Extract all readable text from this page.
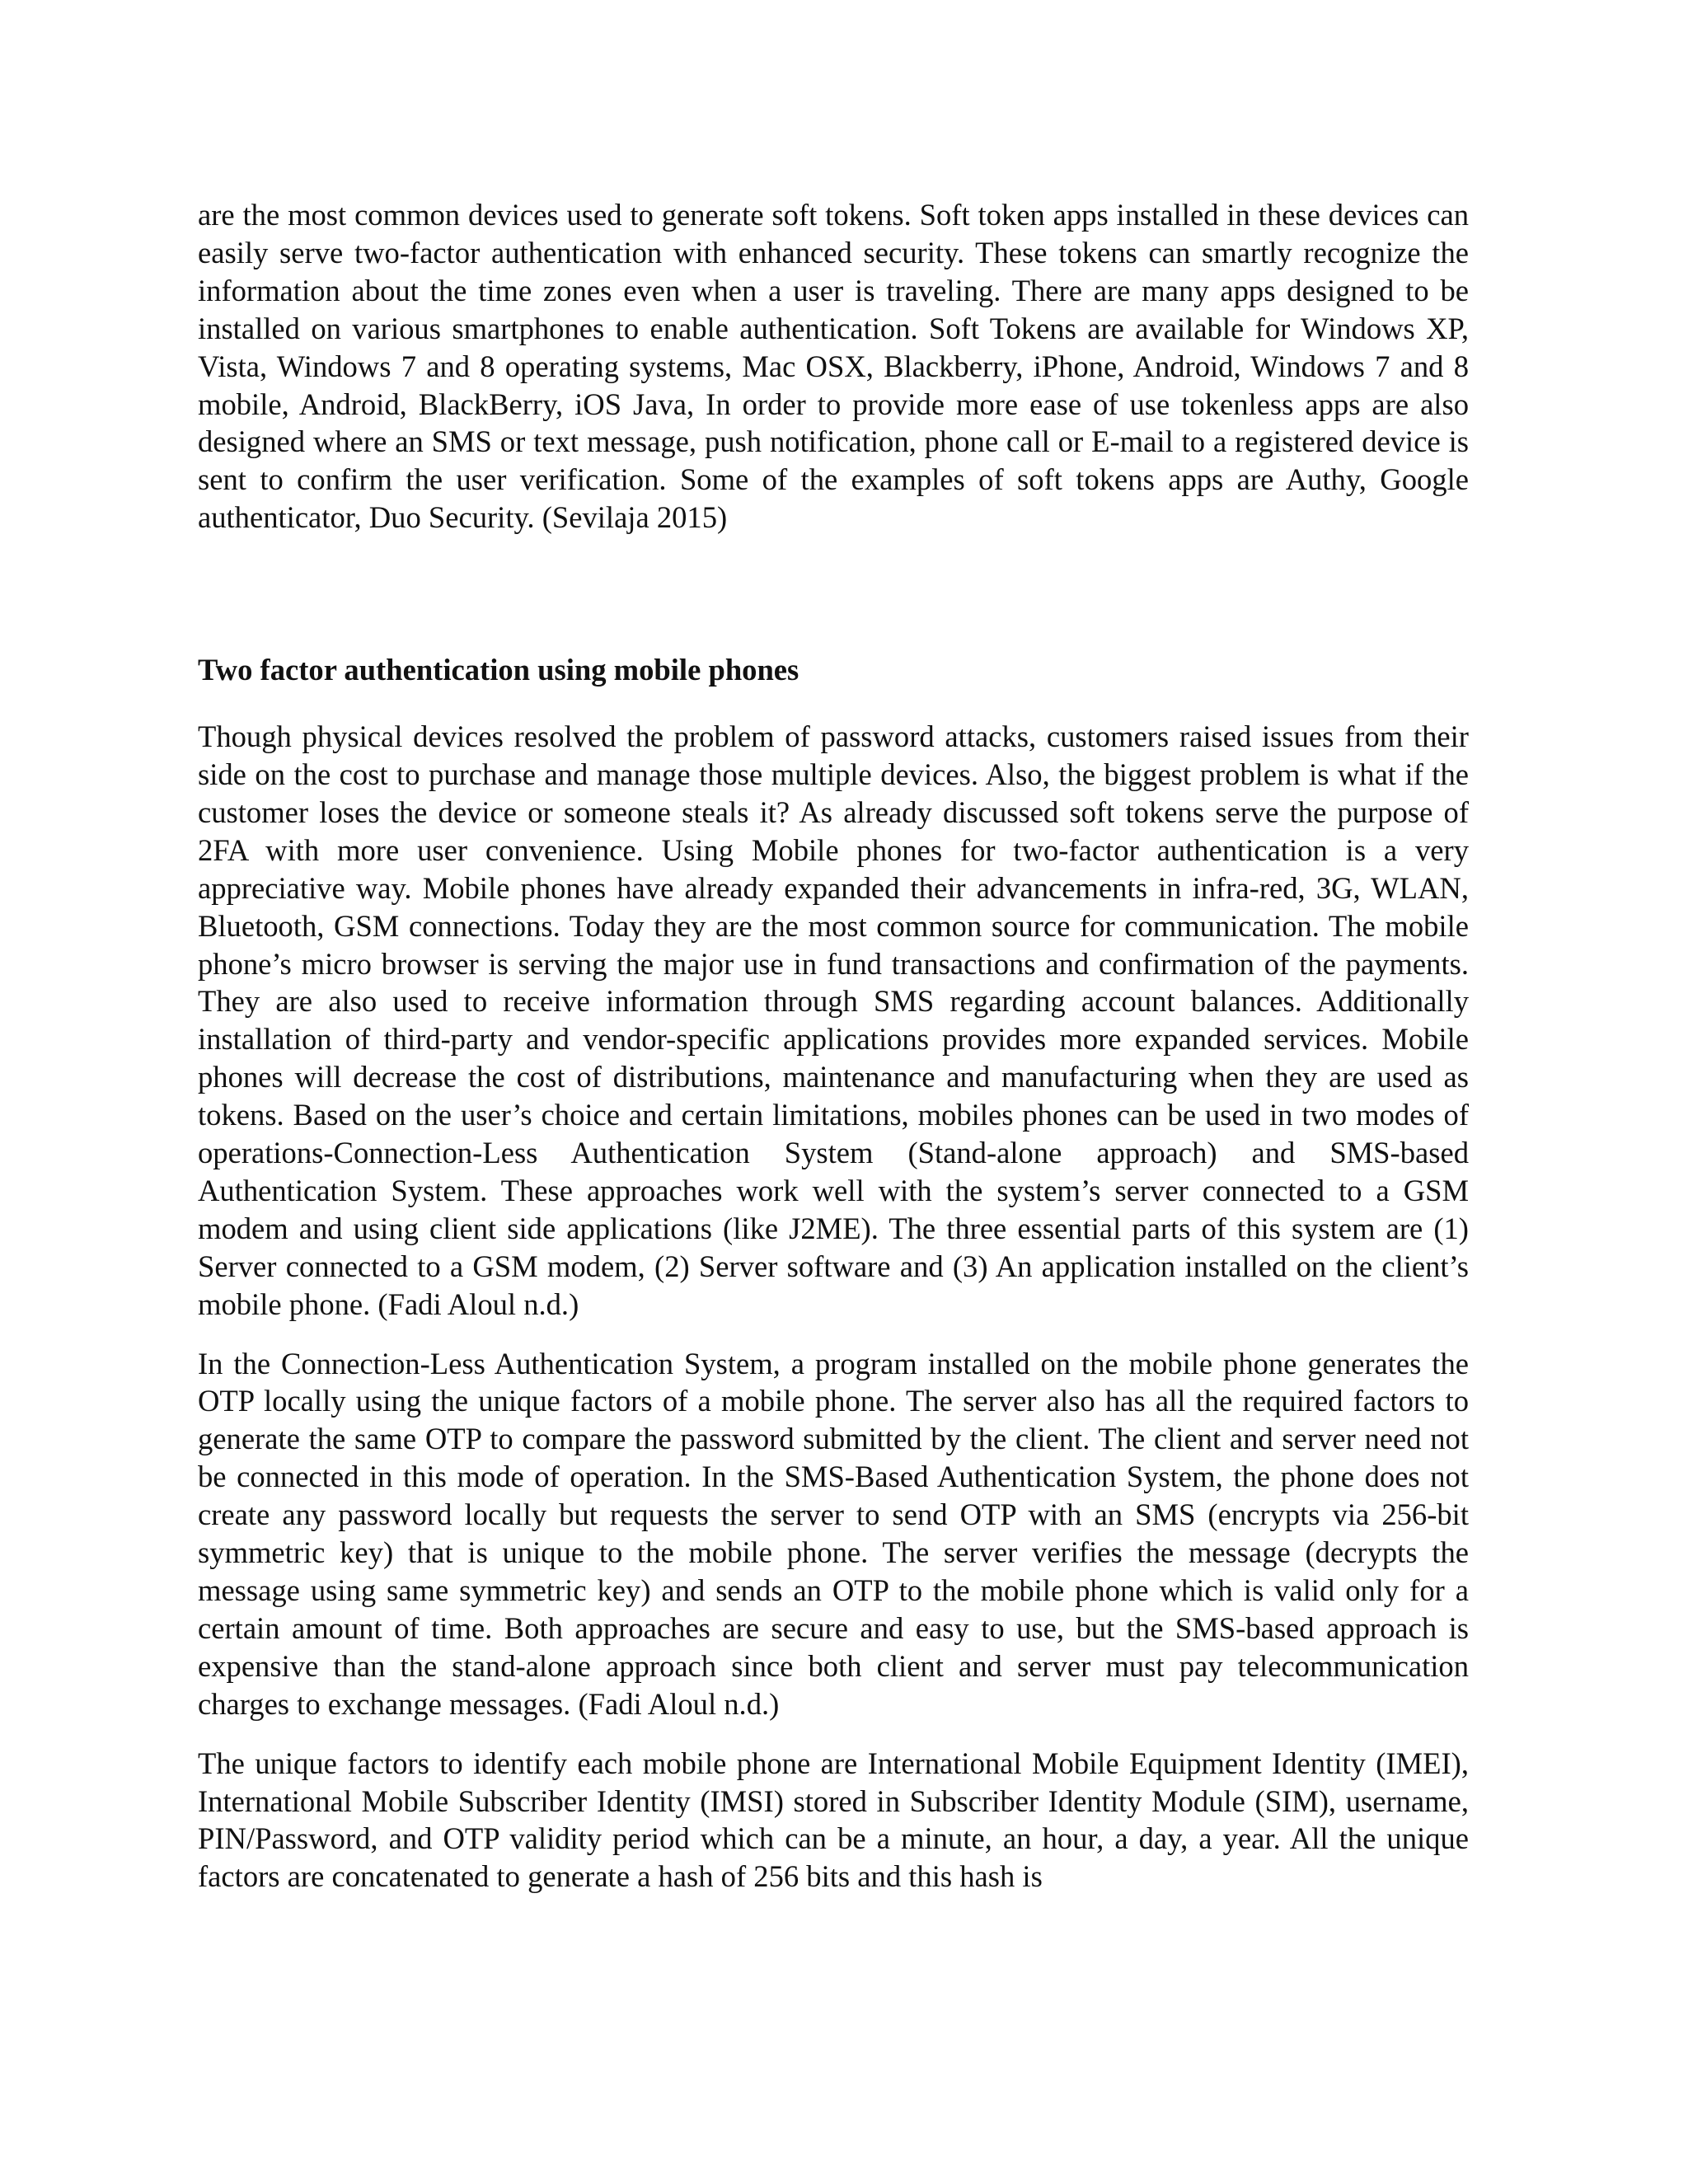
are the most common devices used to generate soft tokens. Soft token apps installed in these devices can easily serve two-factor authentication with enhanced security. These tokens can smartly recognize the information about the time zones even when a user is traveling. There are many apps designed to be installed on various smartphones to enable authentication. Soft Tokens are available for Windows XP, Vista, Windows 7 and 8 operating systems, Mac OSX, Blackberry, iPhone, Android, Windows 7 and 8 mobile, Android, BlackBerry, iOS Java, In order to provide more ease of use tokenless apps are also designed where an SMS or text message, push notification, phone call or E-mail to a registered device is sent to confirm the user verification. Some of the examples of soft tokens apps are Authy, Google authenticator, Duo Security. (Sevilaja 2015)

Two factor authentication using mobile phones

Though physical devices resolved the problem of password attacks, customers raised issues from their side on the cost to purchase and manage those multiple devices. Also, the biggest problem is what if the customer loses the device or someone steals it? As already discussed soft tokens serve the purpose of 2FA with more user convenience. Using Mobile phones for two-factor authentication is a very appreciative way. Mobile phones have already expanded their advancements in infra-red, 3G, WLAN, Bluetooth, GSM connections. Today they are the most common source for communication. The mobile phone’s micro browser is serving the major use in fund transactions and confirmation of the payments. They are also used to receive information through SMS regarding account balances. Additionally installation of third-party and vendor-specific applications provides more expanded services. Mobile phones will decrease the cost of distributions, maintenance and manufacturing when they are used as tokens. Based on the user’s choice and certain limitations, mobiles phones can be used in two modes of operations-Connection-Less Authentication System (Stand-alone approach) and SMS-based Authentication System. These approaches work well with the system’s server connected to a GSM modem and using client side applications (like J2ME). The three essential parts of this system are (1) Server connected to a GSM modem, (2) Server software and (3) An application installed on the client’s mobile phone. (Fadi Aloul n.d.)

In the Connection-Less Authentication System, a program installed on the mobile phone generates the OTP locally using the unique factors of a mobile phone. The server also has all the required factors to generate the same OTP to compare the password submitted by the client. The client and server need not be connected in this mode of operation. In the SMS-Based Authentication System, the phone does not create any password locally but requests the server to send OTP with an SMS (encrypts via 256-bit symmetric key) that is unique to the mobile phone. The server verifies the message (decrypts the message using same symmetric key) and sends an OTP to the mobile phone which is valid only for a certain amount of time. Both approaches are secure and easy to use, but the SMS-based approach is expensive than the stand-alone approach since both client and server must pay telecommunication charges to exchange messages. (Fadi Aloul n.d.)

The unique factors to identify each mobile phone are International Mobile Equipment Identity (IMEI), International Mobile Subscriber Identity (IMSI) stored in Subscriber Identity Module (SIM), username, PIN/Password, and OTP validity period which can be a minute, an hour, a day, a year. All the unique factors are concatenated to generate a hash of 256 bits and this hash is
